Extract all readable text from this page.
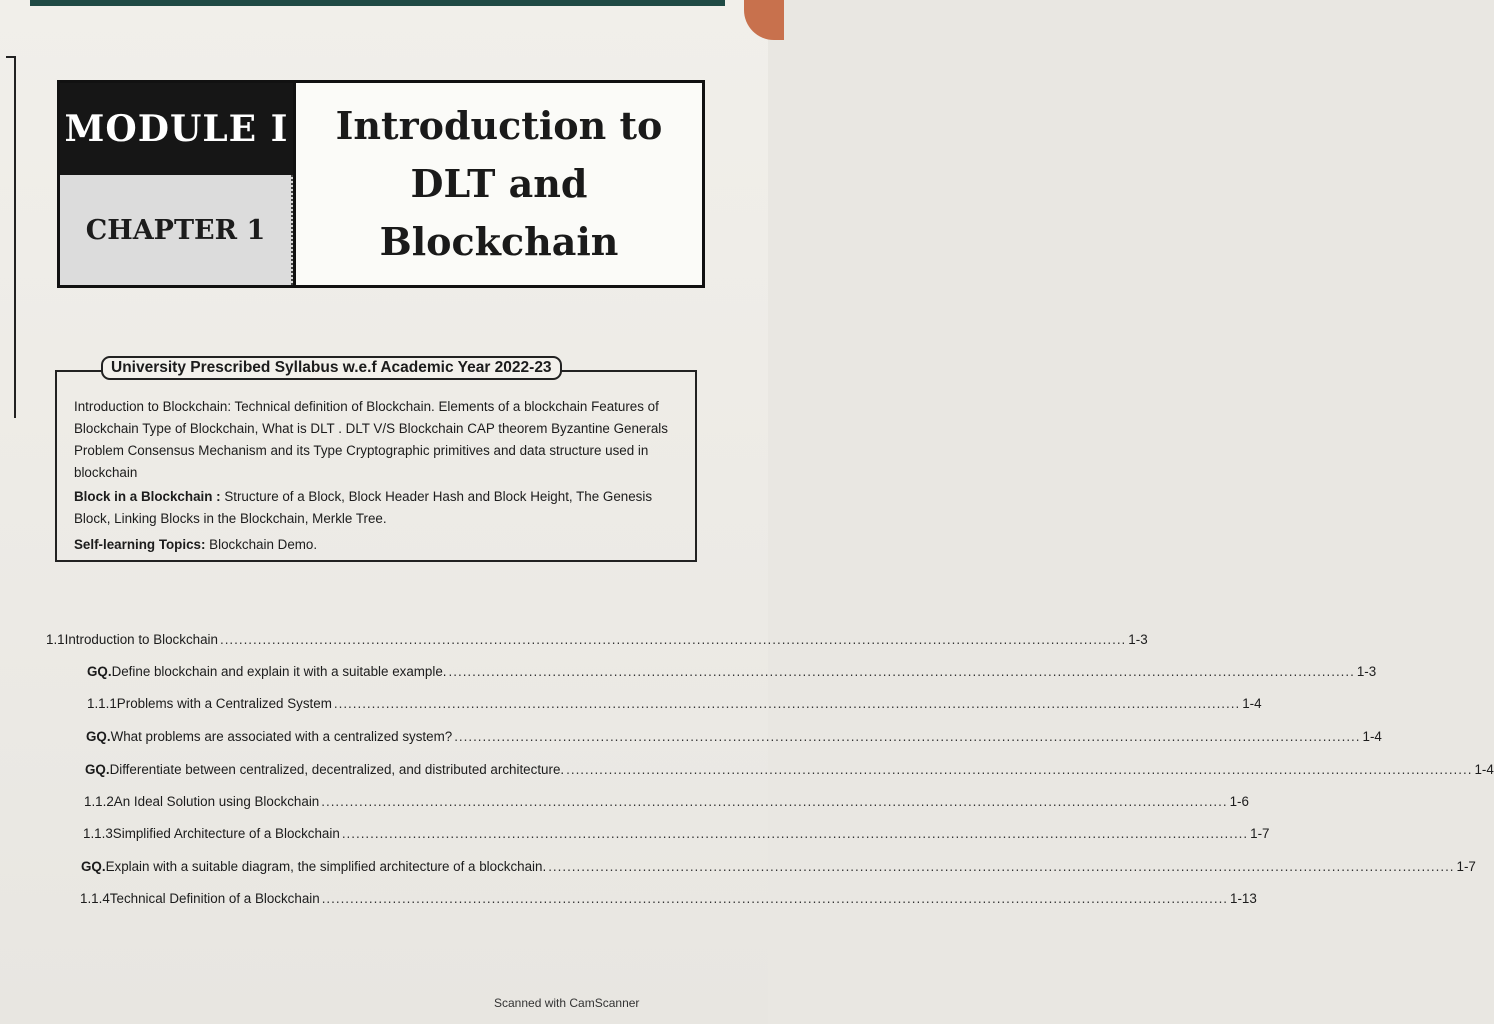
MODULE I
CHAPTER 1
Introduction to
DLT and
Blockchain
University Prescribed Syllabus w.e.f Academic Year 2022-23

Introduction to Blockchain: Technical definition of Blockchain. Elements of a blockchain Features of Blockchain Type of Blockchain, What is DLT . DLT V/S Blockchain CAP theorem Byzantine Generals Problem Consensus Mechanism and its Type Cryptographic primitives and data structure used in blockchain

Block in a Blockchain : Structure of a Block, Block Header Hash and Block Height, The Genesis Block, Linking Blocks in the Blockchain, Merkle Tree.

Self-learning Topics: Blockchain Demo.

1.1 Introduction to Blockchain .....	1-3
GQ. Define blockchain and explain it with a suitable example. .....	1-3
1.1.1 Problems with a Centralized System .....	1-4
GQ. What problems are associated with a centralized system? .....	1-4
GQ. Differentiate between centralized, decentralized, and distributed architecture. .....	1-4
1.1.2 An Ideal Solution using Blockchain .....	1-6
1.1.3 Simplified Architecture of a Blockchain .....	1-7
GQ. Explain with a suitable diagram, the simplified architecture of a blockchain. .....	1-7
1.1.4 Technical Definition of a Blockchain .....	1-13
Scanned with CamScanner
